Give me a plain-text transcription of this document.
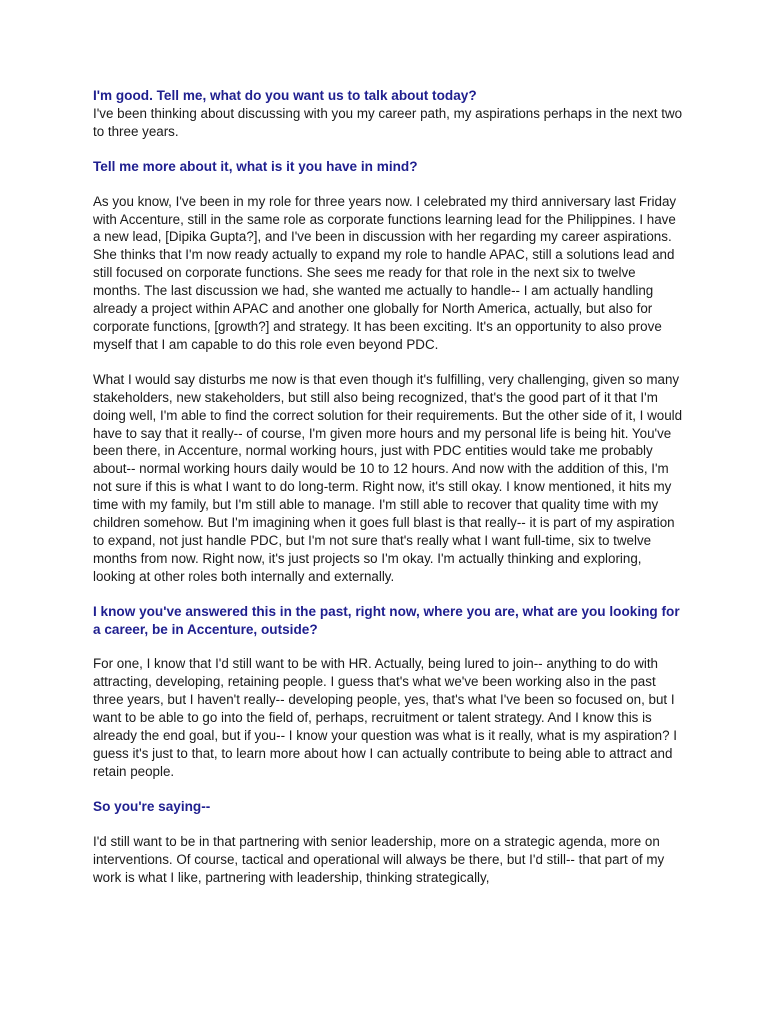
I'm good. Tell me, what do you want us to talk about today?

I've been thinking about discussing with you my career path, my aspirations perhaps in the next two to three years.

Tell me more about it, what is it you have in mind?

As you know, I've been in my role for three years now. I celebrated my third anniversary last Friday with Accenture, still in the same role as corporate functions learning lead for the Philippines. I have a new lead, [Dipika Gupta?], and I've been in discussion with her regarding my career aspirations. She thinks that I'm now ready actually to expand my role to handle APAC, still a solutions lead and still focused on corporate functions. She sees me ready for that role in the next six to twelve months. The last discussion we had, she wanted me actually to handle-- I am actually handling already a project within APAC and another one globally for North America, actually, but also for corporate functions, [growth?] and strategy. It has been exciting. It's an opportunity to also prove myself that I am capable to do this role even beyond PDC.

What I would say disturbs me now is that even though it's fulfilling, very challenging, given so many stakeholders, new stakeholders, but still also being recognized, that's the good part of it that I'm doing well, I'm able to find the correct solution for their requirements. But the other side of it, I would have to say that it really-- of course, I'm given more hours and my personal life is being hit. You've been there, in Accenture, normal working hours, just with PDC entities would take me probably about-- normal working hours daily would be 10 to 12 hours. And now with the addition of this, I'm not sure if this is what I want to do long-term. Right now, it's still okay. I know mentioned, it hits my time with my family, but I'm still able to manage. I'm still able to recover that quality time with my children somehow. But I'm imagining when it goes full blast is that really-- it is part of my aspiration to expand, not just handle PDC, but I'm not sure that's really what I want full-time, six to twelve months from now. Right now, it's just projects so I'm okay. I'm actually thinking and exploring, looking at other roles both internally and externally.

I know you've answered this in the past, right now, where you are, what are you looking for a career, be in Accenture, outside?

For one, I know that I'd still want to be with HR. Actually, being lured to join-- anything to do with attracting, developing, retaining people. I guess that's what we've been working also in the past three years, but I haven't really-- developing people, yes, that's what I've been so focused on, but I want to be able to go into the field of, perhaps, recruitment or talent strategy. And I know this is already the end goal, but if you-- I know your question was what is it really, what is my aspiration? I guess it's just to that, to learn more about how I can actually contribute to being able to attract and retain people.

So you're saying--

I'd still want to be in that partnering with senior leadership, more on a strategic agenda, more on interventions. Of course, tactical and operational will always be there, but I'd still-- that part of my work is what I like, partnering with leadership, thinking strategically,
